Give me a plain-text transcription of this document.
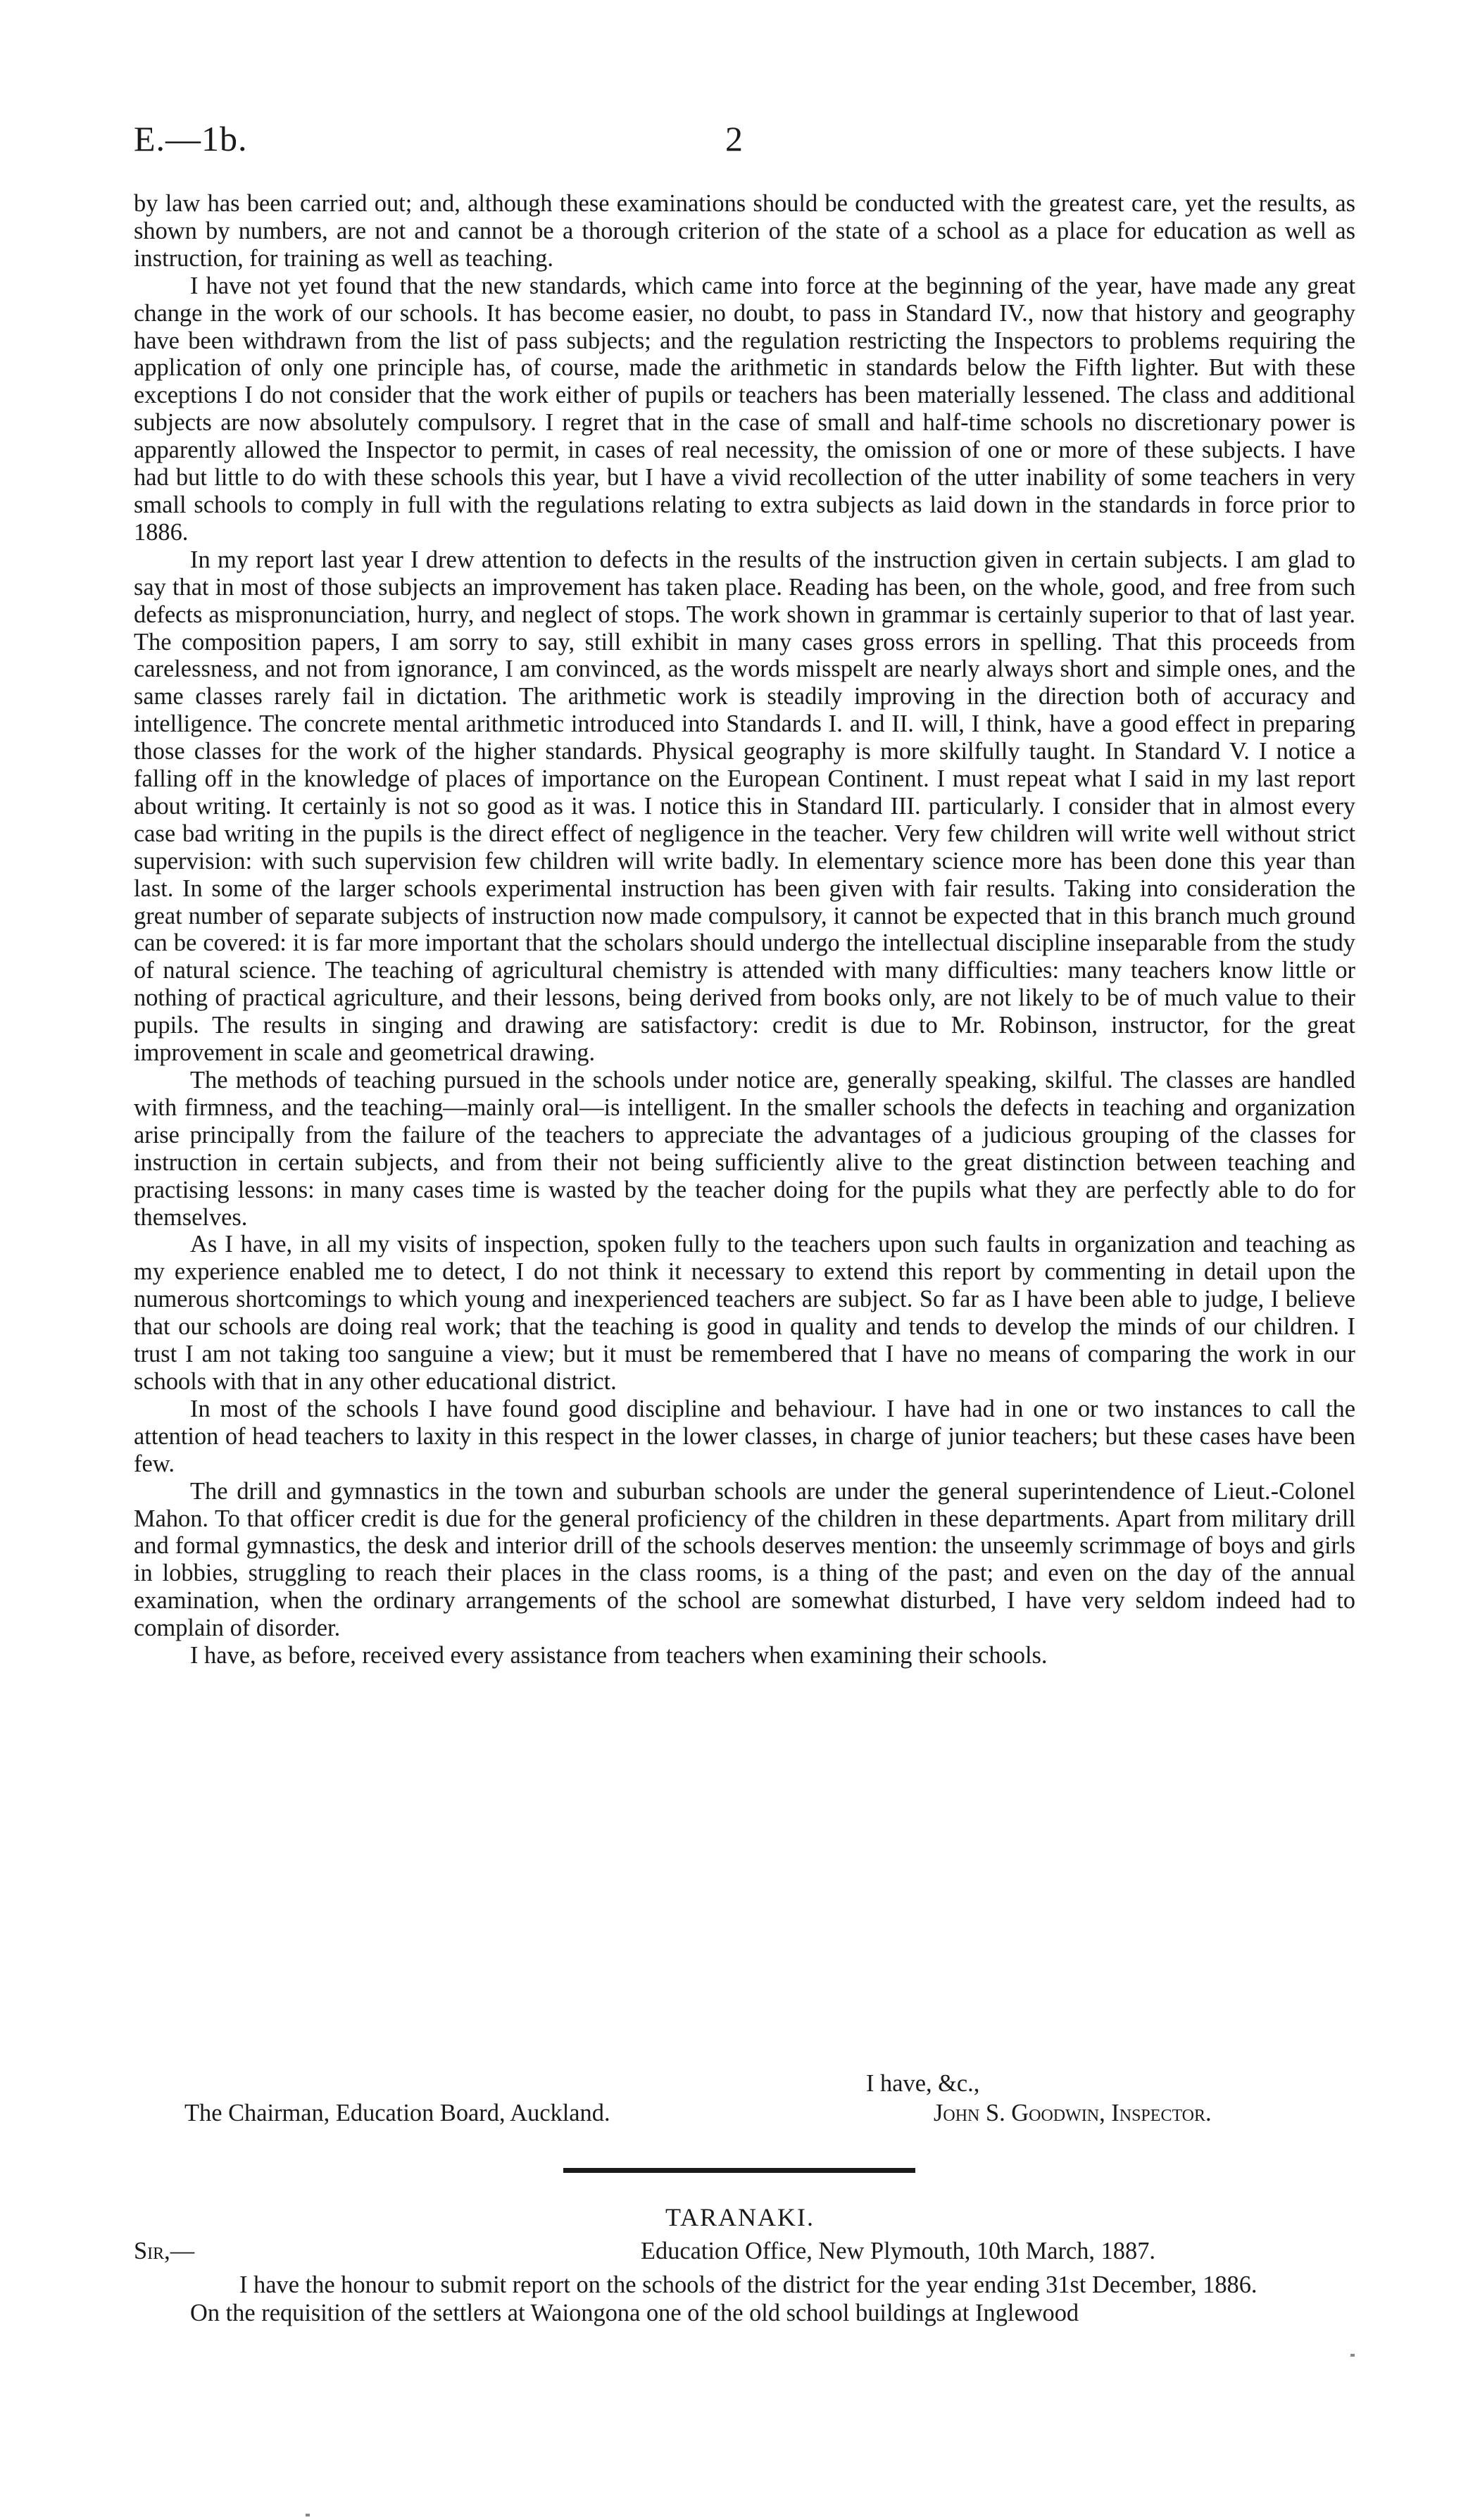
E.—1b.	2

by law has been carried out; and, although these examinations should be conducted with the greatest care, yet the results, as shown by numbers, are not and cannot be a thorough criterion of the state of a school as a place for education as well as instruction, for training as well as teaching.

I have not yet found that the new standards, which came into force at the beginning of the year, have made any great change in the work of our schools. It has become easier, no doubt, to pass in Standard IV., now that history and geography have been withdrawn from the list of pass subjects; and the regulation restricting the Inspectors to problems requiring the application of only one principle has, of course, made the arithmetic in standards below the Fifth lighter. But with these exceptions I do not consider that the work either of pupils or teachers has been materially lessened. The class and additional subjects are now absolutely compulsory. I regret that in the case of small and half-time schools no discretionary power is apparently allowed the Inspector to permit, in cases of real necessity, the omission of one or more of these subjects. I have had but little to do with these schools this year, but I have a vivid recollection of the utter inability of some teachers in very small schools to comply in full with the regulations relating to extra subjects as laid down in the standards in force prior to 1886.

In my report last year I drew attention to defects in the results of the instruction given in certain subjects. I am glad to say that in most of those subjects an improvement has taken place. Reading has been, on the whole, good, and free from such defects as mispronunciation, hurry, and neglect of stops. The work shown in grammar is certainly superior to that of last year. The composition papers, I am sorry to say, still exhibit in many cases gross errors in spelling. That this proceeds from carelessness, and not from ignorance, I am convinced, as the words misspelt are nearly always short and simple ones, and the same classes rarely fail in dictation. The arithmetic work is steadily improving in the direction both of accuracy and intelligence. The concrete mental arithmetic introduced into Standards I. and II. will, I think, have a good effect in preparing those classes for the work of the higher standards. Physical geography is more skilfully taught. In Standard V. I notice a falling off in the knowledge of places of importance on the European Continent. I must repeat what I said in my last report about writing. It certainly is not so good as it was. I notice this in Standard III. particularly. I consider that in almost every case bad writing in the pupils is the direct effect of negligence in the teacher. Very few children will write well without strict supervision: with such supervision few children will write badly. In elementary science more has been done this year than last. In some of the larger schools experimental instruction has been given with fair results. Taking into consideration the great number of separate subjects of instruction now made compulsory, it cannot be expected that in this branch much ground can be covered: it is far more important that the scholars should undergo the intellectual discipline inseparable from the study of natural science. The teaching of agricultural chemistry is attended with many difficulties: many teachers know little or nothing of practical agriculture, and their lessons, being derived from books only, are not likely to be of much value to their pupils. The results in singing and drawing are satisfactory: credit is due to Mr. Robinson, instructor, for the great improvement in scale and geometrical drawing.

The methods of teaching pursued in the schools under notice are, generally speaking, skilful. The classes are handled with firmness, and the teaching—mainly oral—is intelligent. In the smaller schools the defects in teaching and organization arise principally from the failure of the teachers to appreciate the advantages of a judicious grouping of the classes for instruction in certain subjects, and from their not being sufficiently alive to the great distinction between teaching and practising lessons: in many cases time is wasted by the teacher doing for the pupils what they are perfectly able to do for themselves.

As I have, in all my visits of inspection, spoken fully to the teachers upon such faults in organization and teaching as my experience enabled me to detect, I do not think it necessary to extend this report by commenting in detail upon the numerous shortcomings to which young and inexperienced teachers are subject. So far as I have been able to judge, I believe that our schools are doing real work; that the teaching is good in quality and tends to develop the minds of our children. I trust I am not taking too sanguine a view; but it must be remembered that I have no means of comparing the work in our schools with that in any other educational district.

In most of the schools I have found good discipline and behaviour. I have had in one or two instances to call the attention of head teachers to laxity in this respect in the lower classes, in charge of junior teachers; but these cases have been few.

The drill and gymnastics in the town and suburban schools are under the general superintendence of Lieut.-Colonel Mahon. To that officer credit is due for the general proficiency of the children in these departments. Apart from military drill and formal gymnastics, the desk and interior drill of the schools deserves mention: the unseemly scrimmage of boys and girls in lobbies, struggling to reach their places in the class rooms, is a thing of the past; and even on the day of the annual examination, when the ordinary arrangements of the school are somewhat disturbed, I have very seldom indeed had to complain of disorder.

I have, as before, received every assistance from teachers when examining their schools.

I have, &c.,
The Chairman, Education Board, Auckland.	John S. Goodwin, Inspector.
TARANAKI.
Sir,—	Education Office, New Plymouth, 10th March, 1887.

I have the honour to submit report on the schools of the district for the year ending 31st December, 1886.

On the requisition of the settlers at Waiongona one of the old school buildings at Inglewood
